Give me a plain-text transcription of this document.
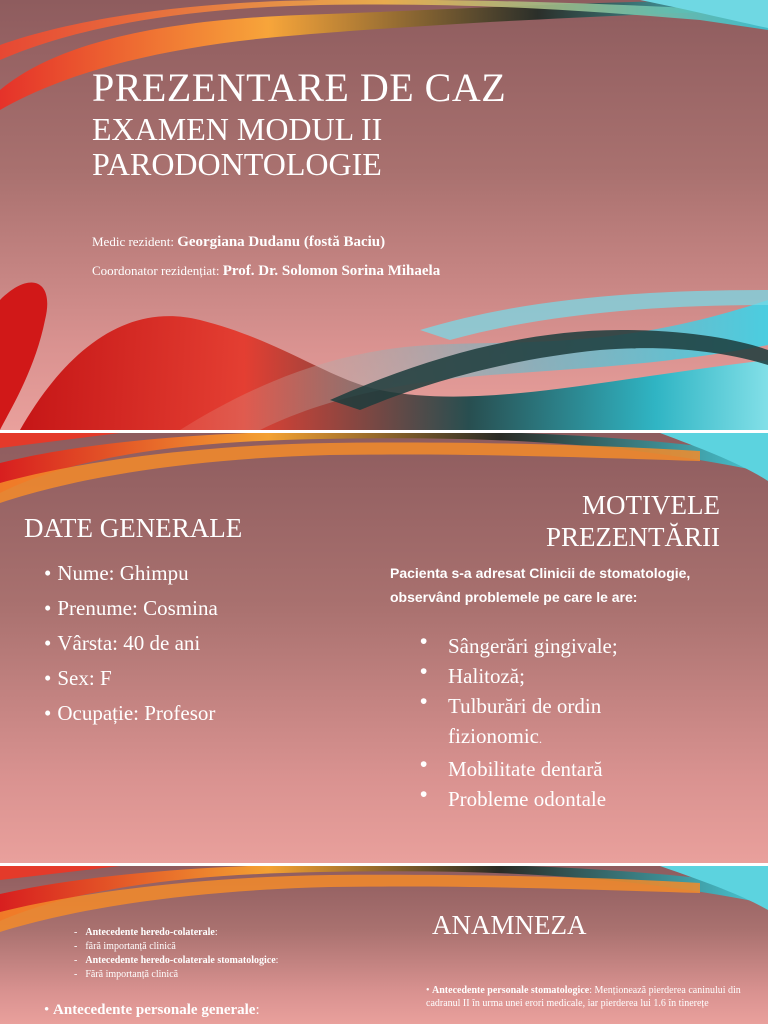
PREZENTARE DE CAZ
EXAMEN MODUL II
PARODONTOLOGIE
Medic rezident: Georgiana Dudanu (fostă Baciu)
Coordonator rezidențiat: Prof. Dr. Solomon Sorina Mihaela
DATE GENERALE
• Nume: Ghimpu
• Prenume: Cosmina
• Vârsta: 40 de ani
• Sex: F
• Ocupație: Profesor
MOTIVELE
PREZENTĂRII
Pacienta s-a adresat Clinicii de stomatologie, observând problemele pe care le are:
• Sângerări gingivale;
• Halitoză;
• Tulburări de ordin fizionomic.
• Mobilitate dentară
• Probleme odontale
- Antecedente heredo-colaterale:
- fără importanță clinică
- Antecedente heredo-colaterale stomatologice:
- Fără importanță clinică
• Antecedente personale generale:
ANAMNEZA
• Antecedente personale stomatologice: Menționează pierderea caninului din cadranul II în urma unei erori medicale, iar pierderea lui 1.6 în tinerețe
